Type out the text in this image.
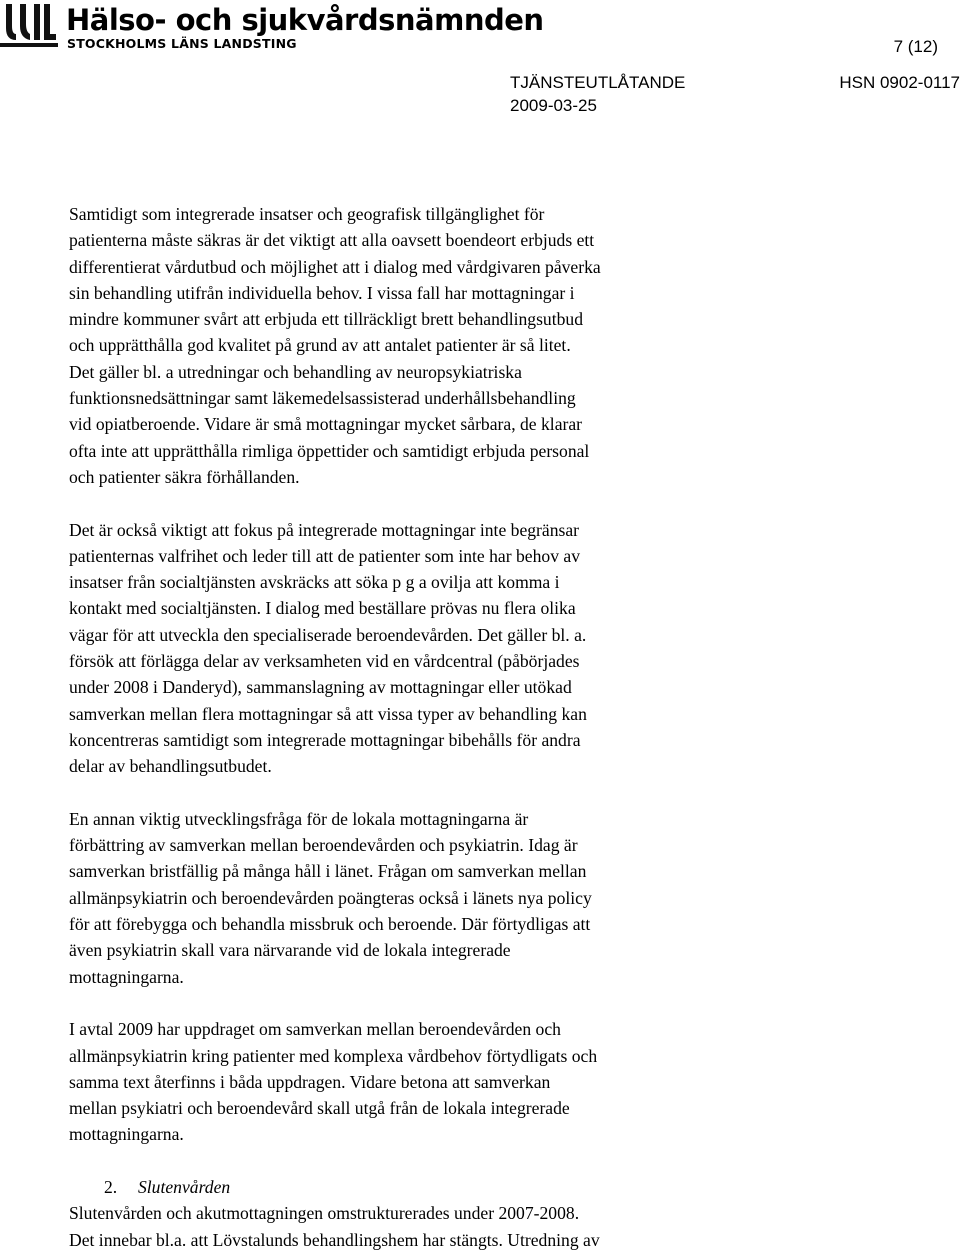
Hälso- och sjukvårdsnämnden
STOCKHOLMS LÄNS LANDSTING	7 (12)
TJÄNSTEUTLÅTANDE	HSN 0902-0117
2009-03-25

Samtidigt som integrerade insatser och geografisk tillgänglighet för
patienterna måste säkras är det viktigt att alla oavsett boendeort erbjuds ett
differentierat vårdutbud och möjlighet att i dialog med vårdgivaren påverka
sin behandling utifrån individuella behov. I vissa fall har mottagningar i
mindre kommuner svårt att erbjuda ett tillräckligt brett behandlingsutbud
och upprätthålla god kvalitet på grund av att antalet patienter är så litet.
Det gäller bl. a utredningar och behandling av neuropsykiatriska
funktionsnedsättningar samt läkemedelsassisterad underhållsbehandling
vid opiatberoende. Vidare är små mottagningar mycket sårbara, de klarar
ofta inte att upprätthålla rimliga öppettider och samtidigt erbjuda personal
och patienter säkra förhållanden.

Det är också viktigt att fokus på integrerade mottagningar inte begränsar
patienternas valfrihet och leder till att de patienter som inte har behov av
insatser från socialtjänsten avskräcks att söka p g a ovilja att komma i
kontakt med socialtjänsten. I dialog med beställare prövas nu flera olika
vägar för att utveckla den specialiserade beroendevården. Det gäller bl. a.
försök att förlägga delar av verksamheten vid en vårdcentral (påbörjades
under 2008 i Danderyd), sammanslagning av mottagningar eller utökad
samverkan mellan flera mottagningar så att vissa typer av behandling kan
koncentreras samtidigt som integrerade mottagningar bibehålls för andra
delar av behandlingsutbudet.

En annan viktig utvecklingsfråga för de lokala mottagningarna är
förbättring av samverkan mellan beroendevården och psykiatrin. Idag är
samverkan bristfällig på många håll i länet. Frågan om samverkan mellan
allmänpsykiatrin och beroendevården poängteras också i länets nya policy
för att förebygga och behandla missbruk och beroende. Där förtydligas att
även psykiatrin skall vara närvarande vid de lokala integrerade
mottagningarna.

I avtal 2009 har uppdraget om samverkan mellan beroendevården och
allmänpsykiatrin kring patienter med komplexa vårdbehov förtydligats och
samma text återfinns i båda uppdragen. Vidare betona att samverkan
mellan psykiatri och beroendevård skall utgå från de lokala integrerade
mottagningarna.

2. Slutenvården

Slutenvården och akutmottagningen omstrukturerades under 2007-2008.
Det innebar bl.a. att Lövstalunds behandlingshem har stängts. Utredning av
